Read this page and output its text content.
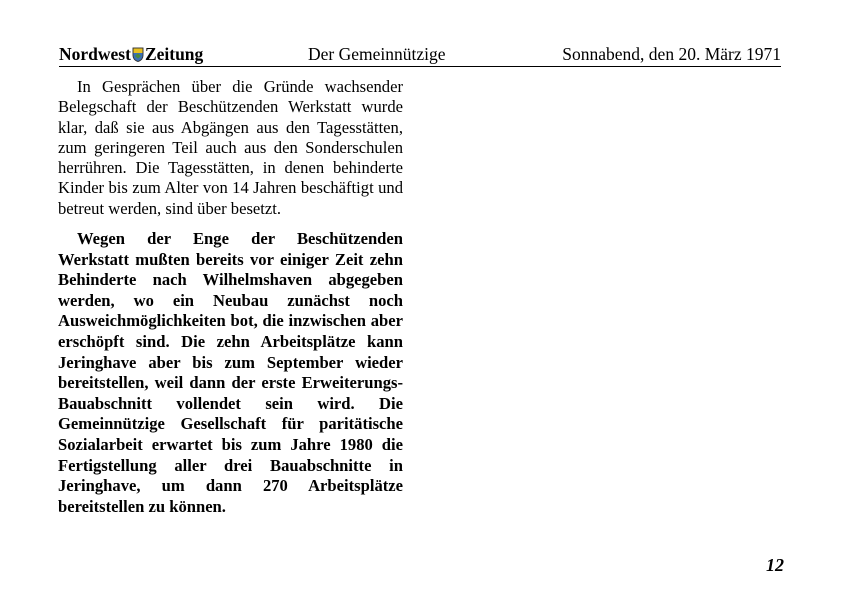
Nordwest Zeitung	Der Gemeinnützige	Sonnabend, den 20. März 1971

In Gesprächen über die Gründe wachsender Belegschaft der Beschützenden Werkstatt wurde klar, daß sie aus Abgängen aus den Tagesstätten, zum geringeren Teil auch aus den Sonderschulen herrühren. Die Tagesstätten, in denen behinderte Kinder bis zum Alter von 14 Jahren beschäftigt und betreut werden, sind über besetzt.

Wegen der Enge der Beschützenden Werkstatt mußten bereits vor einiger Zeit zehn Behinderte nach Wilhelmshaven abgegeben werden, wo ein Neubau zunächst noch Ausweichmöglichkeiten bot, die inzwischen aber erschöpft sind. Die zehn Arbeitsplätze kann Jeringhave aber bis zum September wieder bereitstellen, weil dann der erste Erweiterungs-Bauabschnitt vollendet sein wird. Die Gemeinnützige Gesellschaft für paritätische Sozialarbeit erwartet bis zum Jahre 1980 die Fertigstellung aller drei Bauabschnitte in Jeringhave, um dann 270 Arbeitsplätze bereitstellen zu können.

12
